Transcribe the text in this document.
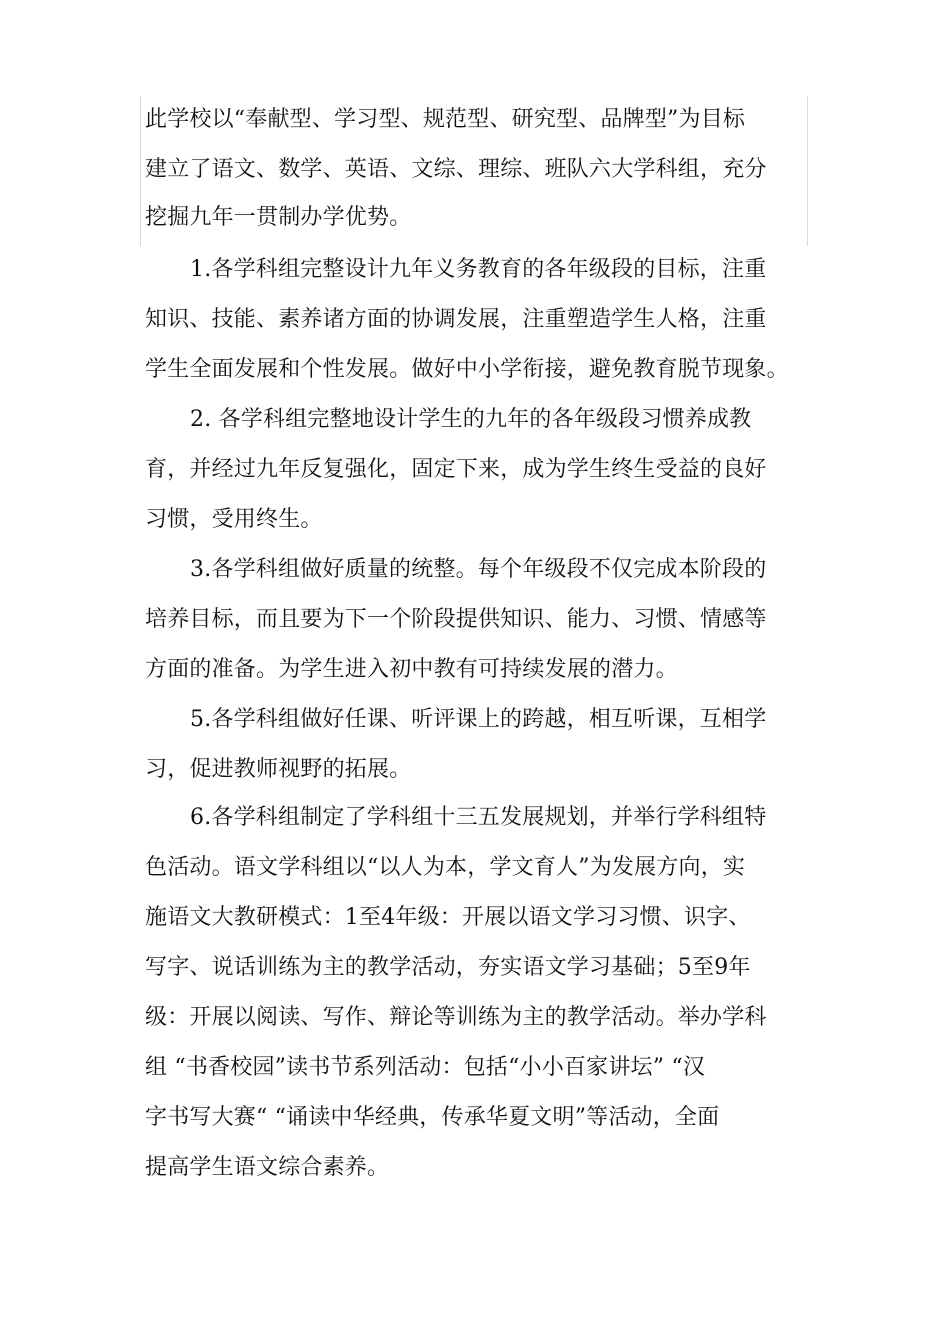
此学校以“奉献型、学习型、规范型、研究型、品牌型”为目标
建立了语文、数学、英语、文综、理综、班队六大学科组，充分
挖掘九年一贯制办学优势。
1.各学科组完整设计九年义务教育的各年级段的目标，注重
知识、技能、素养诸方面的协调发展，注重塑造学生人格，注重
学生全面发展和个性发展。做好中小学衔接，避免教育脱节现象。
2. 各学科组完整地设计学生的九年的各年级段习惯养成教
育，并经过九年反复强化，固定下来，成为学生终生受益的良好
习惯，受用终生。
3.各学科组做好质量的统整。每个年级段不仅完成本阶段的
培养目标，而且要为下一个阶段提供知识、能力、习惯、情感等
方面的准备。为学生进入初中教有可持续发展的潜力。
5.各学科组做好任课、听评课上的跨越，相互听课，互相学
习，促进教师视野的拓展。
6.各学科组制定了学科组十三五发展规划，并举行学科组特
色活动。语文学科组以“以人为本，学文育人”为发展方向，实
施语文大教研模式：1至4年级：开展以语文学习习惯、识字、
写字、说话训练为主的教学活动，夯实语文学习基础；5至9年
级：开展以阅读、写作、辩论等训练为主的教学活动。举办学科
组 “书香校园”读书节系列活动：包括“小小百家讲坛” “汉
字书写大赛“ “诵读中华经典，传承华夏文明”等活动，全面
提高学生语文综合素养。
